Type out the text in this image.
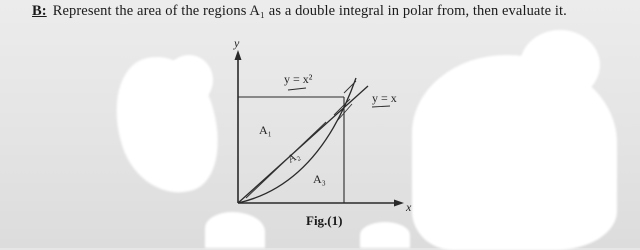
B: Represent the area of the regions A₁ as a double integral in polar from, then evaluate it.
y
x
y = x²
y = x
A₁
A₂
A₃
Fig.(1)
